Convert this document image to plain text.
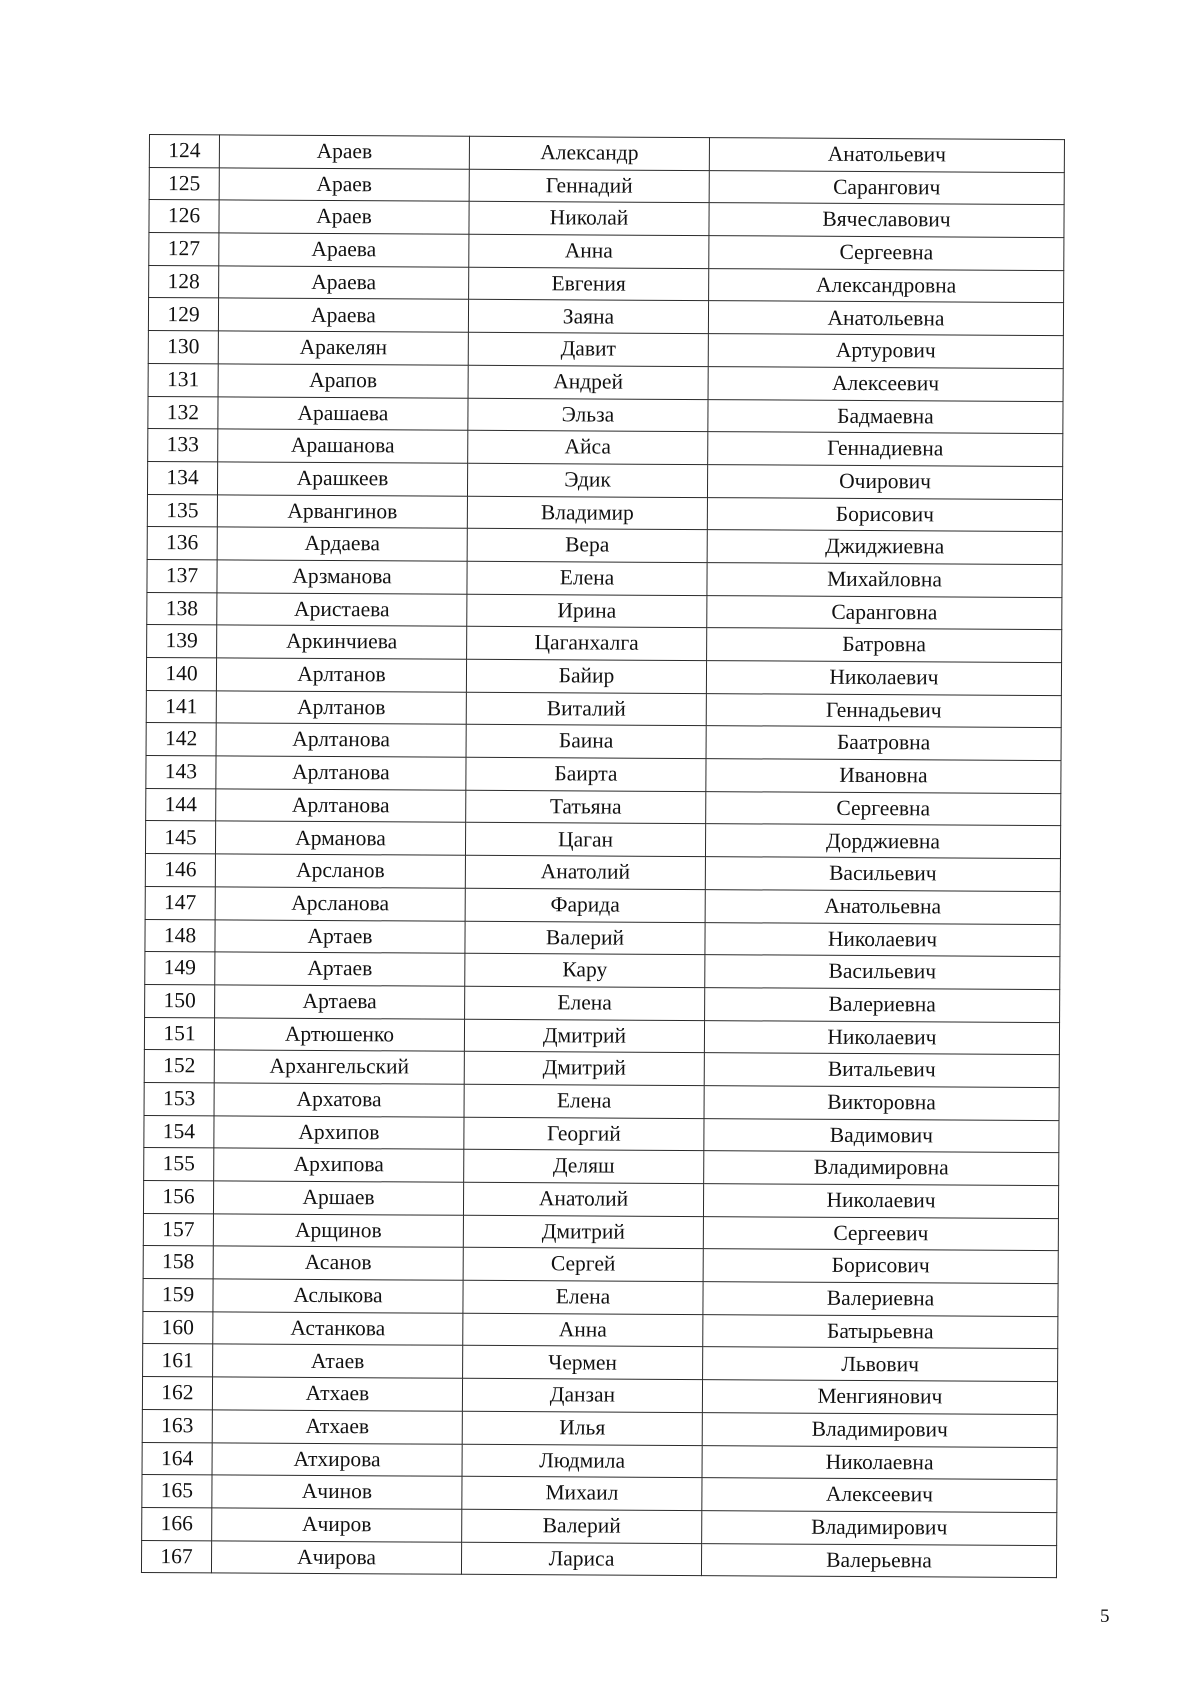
124	Араев	Александр	Анатольевич
125	Араев	Геннадий	Сарангович
126	Араев	Николай	Вячеславович
127	Араева	Анна	Сергеевна
128	Араева	Евгения	Александровна
129	Араева	Заяна	Анатольевна
130	Аракелян	Давит	Артурович
131	Арапов	Андрей	Алексеевич
132	Арашаева	Эльза	Бадмаевна
133	Арашанова	Айса	Геннадиевна
134	Арашкеев	Эдик	Очирович
135	Арвангинов	Владимир	Борисович
136	Ардаева	Вера	Джиджиевна
137	Арзманова	Елена	Михайловна
138	Аристаева	Ирина	Саранговна
139	Аркинчиева	Цаганхалга	Батровна
140	Арлтанов	Байир	Николаевич
141	Арлтанов	Виталий	Геннадьевич
142	Арлтанова	Баина	Баатровна
143	Арлтанова	Баирта	Ивановна
144	Арлтанова	Татьяна	Сергеевна
145	Арманова	Цаган	Дорджиевна
146	Арсланов	Анатолий	Васильевич
147	Арсланова	Фарида	Анатольевна
148	Артаев	Валерий	Николаевич
149	Артаев	Кару	Васильевич
150	Артаева	Елена	Валериевна
151	Артюшенко	Дмитрий	Николаевич
152	Архангельский	Дмитрий	Витальевич
153	Архатова	Елена	Викторовна
154	Архипов	Георгий	Вадимович
155	Архипова	Деляш	Владимировна
156	Аршаев	Анатолий	Николаевич
157	Арщинов	Дмитрий	Сергеевич
158	Асанов	Сергей	Борисович
159	Аслыкова	Елена	Валериевна
160	Астанкова	Анна	Батырьевна
161	Атаев	Чермен	Львович
162	Атхаев	Данзан	Менгиянович
163	Атхаев	Илья	Владимирович
164	Атхирова	Людмила	Николаевна
165	Ачинов	Михаил	Алексеевич
166	Ачиров	Валерий	Владимирович
167	Ачирова	Лариса	Валерьевна
5
